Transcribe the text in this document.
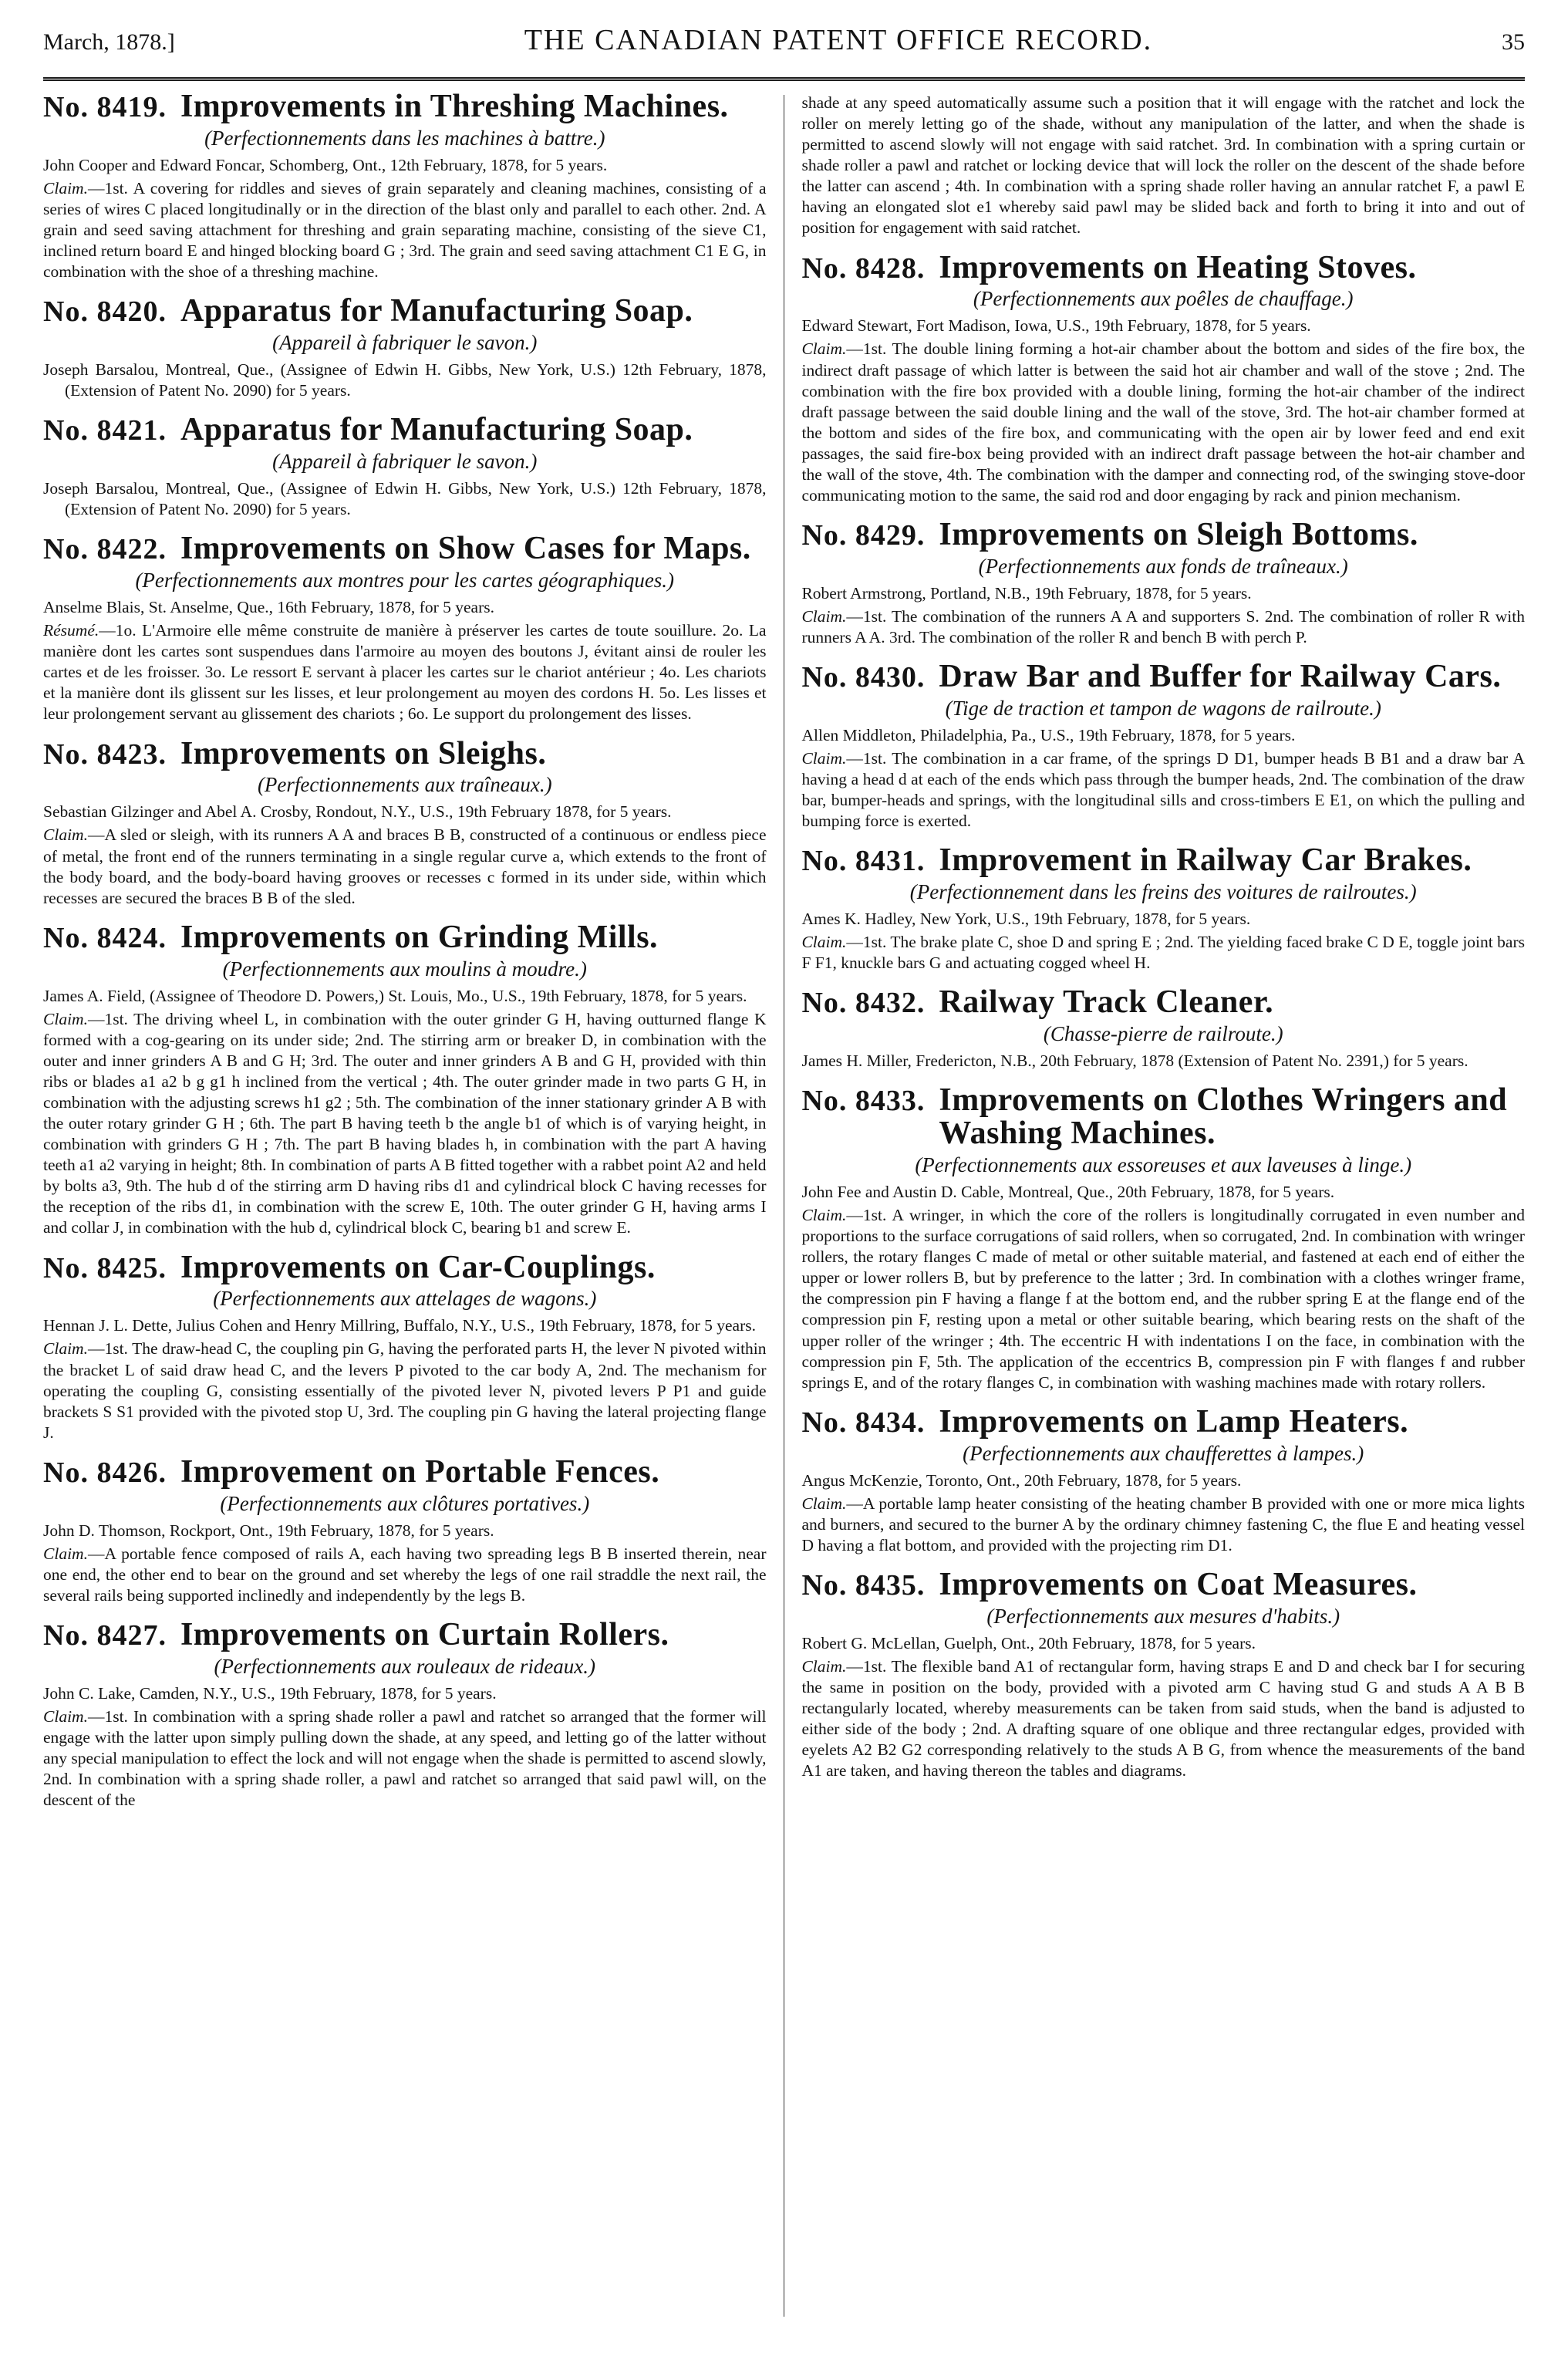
March, 1878.]	THE CANADIAN PATENT OFFICE RECORD.	35
No. 8419. Improvements in Threshing Machines.
(Perfectionnements dans les machines à battre.)
John Cooper and Edward Foncar, Schomberg, Ont., 12th February, 1878, for 5 years.
Claim.—1st. A covering for riddles and sieves of grain separately and cleaning machines, consisting of a series of wires C placed longitudinally or in the direction of the blast only and parallel to each other. 2nd. A grain and seed saving attachment for threshing and grain separating machine, consisting of the sieve C1, inclined return board E and hinged blocking board G ; 3rd. The grain and seed saving attachment C1 E G, in combination with the shoe of a threshing machine.
No. 8420. Apparatus for Manufacturing Soap.
(Appareil à fabriquer le savon.)
Joseph Barsalou, Montreal, Que., (Assignee of Edwin H. Gibbs, New York, U.S.) 12th February, 1878, (Extension of Patent No. 2090) for 5 years.
No. 8421. Apparatus for Manufacturing Soap.
(Appareil à fabriquer le savon.)
Joseph Barsalou, Montreal, Que., (Assignee of Edwin H. Gibbs, New York, U.S.) 12th February, 1878, (Extension of Patent No. 2090) for 5 years.
No. 8422. Improvements on Show Cases for Maps.
(Perfectionnements aux montres pour les cartes géographiques.)
Anselme Blais, St. Anselme, Que., 16th February, 1878, for 5 years.
Résumé.—1o. L'Armoire elle même construite de manière à préserver les cartes de toute souillure. 2o. La manière dont les cartes sont suspendues dans l'armoire au moyen des boutons J, évitant ainsi de rouler les cartes et de les froisser. 3o. Le ressort E servant à placer les cartes sur le chariot antérieur ; 4o. Les chariots et la manière dont ils glissent sur les lisses, et leur prolongement au moyen des cordons H. 5o. Les lisses et leur prolongement servant au glissement des chariots ; 6o. Le support du prolongement des lisses.
No. 8423. Improvements on Sleighs.
(Perfectionnements aux traîneaux.)
Sebastian Gilzinger and Abel A. Crosby, Rondout, N.Y., U.S., 19th February 1878, for 5 years.
Claim.—A sled or sleigh, with its runners A A and braces B B, constructed of a continuous or endless piece of metal, the front end of the runners terminating in a single regular curve a, which extends to the front of the body board, and the body-board having grooves or recesses c formed in its under side, within which recesses are secured the braces B B of the sled.
No. 8424. Improvements on Grinding Mills.
(Perfectionnements aux moulins à moudre.)
James A. Field, (Assignee of Theodore D. Powers,) St. Louis, Mo., U.S., 19th February, 1878, for 5 years.
Claim.—1st. The driving wheel L, in combination with the outer grinder G H, having outturned flange K formed with a cog-gearing on its under side; 2nd. The stirring arm or breaker D, in combination with the outer and inner grinders A B and G H; 3rd. The outer and inner grinders A B and G H, provided with thin ribs or blades a1 a2 b g g1 h inclined from the vertical ; 4th. The outer grinder made in two parts G H, in combination with the adjusting screws h1 g2 ; 5th. The combination of the inner stationary grinder A B with the outer rotary grinder G H ; 6th. The part B having teeth b the angle b1 of which is of varying height, in combination with grinders G H ; 7th. The part B having blades h, in combination with the part A having teeth a1 a2 varying in height; 8th. In combination of parts A B fitted together with a rabbet point A2 and held by bolts a3, 9th. The hub d of the stirring arm D having ribs d1 and cylindrical block C having recesses for the reception of the ribs d1, in combination with the screw E, 10th. The outer grinder G H, having arms I and collar J, in combination with the hub d, cylindrical block C, bearing b1 and screw E.
No. 8425. Improvements on Car-Couplings.
(Perfectionnements aux attelages de wagons.)
Hennan J. L. Dette, Julius Cohen and Henry Millring, Buffalo, N.Y., U.S., 19th February, 1878, for 5 years.
Claim.—1st. The draw-head C, the coupling pin G, having the perforated parts H, the lever N pivoted within the bracket L of said draw head C, and the levers P pivoted to the car body A, 2nd. The mechanism for operating the coupling G, consisting essentially of the pivoted lever N, pivoted levers P P1 and guide brackets S S1 provided with the pivoted stop U, 3rd. The coupling pin G having the lateral projecting flange J.
No. 8426. Improvement on Portable Fences.
(Perfectionnements aux clôtures portatives.)
John D. Thomson, Rockport, Ont., 19th February, 1878, for 5 years.
Claim.—A portable fence composed of rails A, each having two spreading legs B B inserted therein, near one end, the other end to bear on the ground and set whereby the legs of one rail straddle the next rail, the several rails being supported inclinedly and independently by the legs B.
No. 8427. Improvements on Curtain Rollers.
(Perfectionnements aux rouleaux de rideaux.)
John C. Lake, Camden, N.Y., U.S., 19th February, 1878, for 5 years.
Claim.—1st. In combination with a spring shade roller a pawl and ratchet so arranged that the former will engage with the latter upon simply pulling down the shade, at any speed, and letting go of the latter without any special manipulation to effect the lock and will not engage when the shade is permitted to ascend slowly, 2nd. In combination with a spring shade roller, a pawl and ratchet so arranged that said pawl will, on the descent of the
shade at any speed automatically assume such a position that it will engage with the ratchet and lock the roller on merely letting go of the shade, without any manipulation of the latter, and when the shade is permitted to ascend slowly will not engage with said ratchet. 3rd. In combination with a spring curtain or shade roller a pawl and ratchet or locking device that will lock the roller on the descent of the shade before the latter can ascend ; 4th. In combination with a spring shade roller having an annular ratchet F, a pawl E having an elongated slot e1 whereby said pawl may be slided back and forth to bring it into and out of position for engagement with said ratchet.
No. 8428. Improvements on Heating Stoves.
(Perfectionnements aux poêles de chauffage.)
Edward Stewart, Fort Madison, Iowa, U.S., 19th February, 1878, for 5 years.
Claim.—1st. The double lining forming a hot-air chamber about the bottom and sides of the fire box, the indirect draft passage of which latter is between the said hot air chamber and wall of the stove ; 2nd. The combination with the fire box provided with a double lining, forming the hot-air chamber of the indirect draft passage between the said double lining and the wall of the stove, 3rd. The hot-air chamber formed at the bottom and sides of the fire box, and communicating with the open air by lower feed and end exit passages, the said fire-box being provided with an indirect draft passage between the hot-air chamber and the wall of the stove, 4th. The combination with the damper and connecting rod, of the swinging stove-door communicating motion to the same, the said rod and door engaging by rack and pinion mechanism.
No. 8429. Improvements on Sleigh Bottoms.
(Perfectionnements aux fonds de traîneaux.)
Robert Armstrong, Portland, N.B., 19th February, 1878, for 5 years.
Claim.—1st. The combination of the runners A A and supporters S. 2nd. The combination of roller R with runners A A. 3rd. The combination of the roller R and bench B with perch P.
No. 8430. Draw Bar and Buffer for Railway Cars.
(Tige de traction et tampon de wagons de railroute.)
Allen Middleton, Philadelphia, Pa., U.S., 19th February, 1878, for 5 years.
Claim.—1st. The combination in a car frame, of the springs D D1, bumper heads B B1 and a draw bar A having a head d at each of the ends which pass through the bumper heads, 2nd. The combination of the draw bar, bumper-heads and springs, with the longitudinal sills and cross-timbers E E1, on which the pulling and bumping force is exerted.
No. 8431. Improvement in Railway Car Brakes.
(Perfectionnement dans les freins des voitures de railroutes.)
Ames K. Hadley, New York, U.S., 19th February, 1878, for 5 years.
Claim.—1st. The brake plate C, shoe D and spring E ; 2nd. The yielding faced brake C D E, toggle joint bars F F1, knuckle bars G and actuating cogged wheel H.
No. 8432. Railway Track Cleaner.
(Chasse-pierre de railroute.)
James H. Miller, Fredericton, N.B., 20th February, 1878 (Extension of Patent No. 2391,) for 5 years.
No. 8433. Improvements on Clothes Wringers and Washing Machines.
(Perfectionnements aux essoreuses et aux laveuses à linge.)
John Fee and Austin D. Cable, Montreal, Que., 20th February, 1878, for 5 years.
Claim.—1st. A wringer, in which the core of the rollers is longitudinally corrugated in even number and proportions to the surface corrugations of said rollers, when so corrugated, 2nd. In combination with wringer rollers, the rotary flanges C made of metal or other suitable material, and fastened at each end of either the upper or lower rollers B, but by preference to the latter ; 3rd. In combination with a clothes wringer frame, the compression pin F having a flange f at the bottom end, and the rubber spring E at the flange end of the compression pin F, resting upon a metal or other suitable bearing, which bearing rests on the shaft of the upper roller of the wringer ; 4th. The eccentric H with indentations I on the face, in combination with the compression pin F, 5th. The application of the eccentrics B, compression pin F with flanges f and rubber springs E, and of the rotary flanges C, in combination with washing machines made with rotary rollers.
No. 8434. Improvements on Lamp Heaters.
(Perfectionnements aux chaufferettes à lampes.)
Angus McKenzie, Toronto, Ont., 20th February, 1878, for 5 years.
Claim.—A portable lamp heater consisting of the heating chamber B provided with one or more mica lights and burners, and secured to the burner A by the ordinary chimney fastening C, the flue E and heating vessel D having a flat bottom, and provided with the projecting rim D1.
No. 8435. Improvements on Coat Measures.
(Perfectionnements aux mesures d'habits.)
Robert G. McLellan, Guelph, Ont., 20th February, 1878, for 5 years.
Claim.—1st. The flexible band A1 of rectangular form, having straps E and D and check bar I for securing the same in position on the body, provided with a pivoted arm C having stud G and studs A A B B rectangularly located, whereby measurements can be taken from said studs, when the band is adjusted to either side of the body ; 2nd. A drafting square of one oblique and three rectangular edges, provided with eyelets A2 B2 G2 corresponding relatively to the studs A B G, from whence the measurements of the band A1 are taken, and having thereon the tables and diagrams.
